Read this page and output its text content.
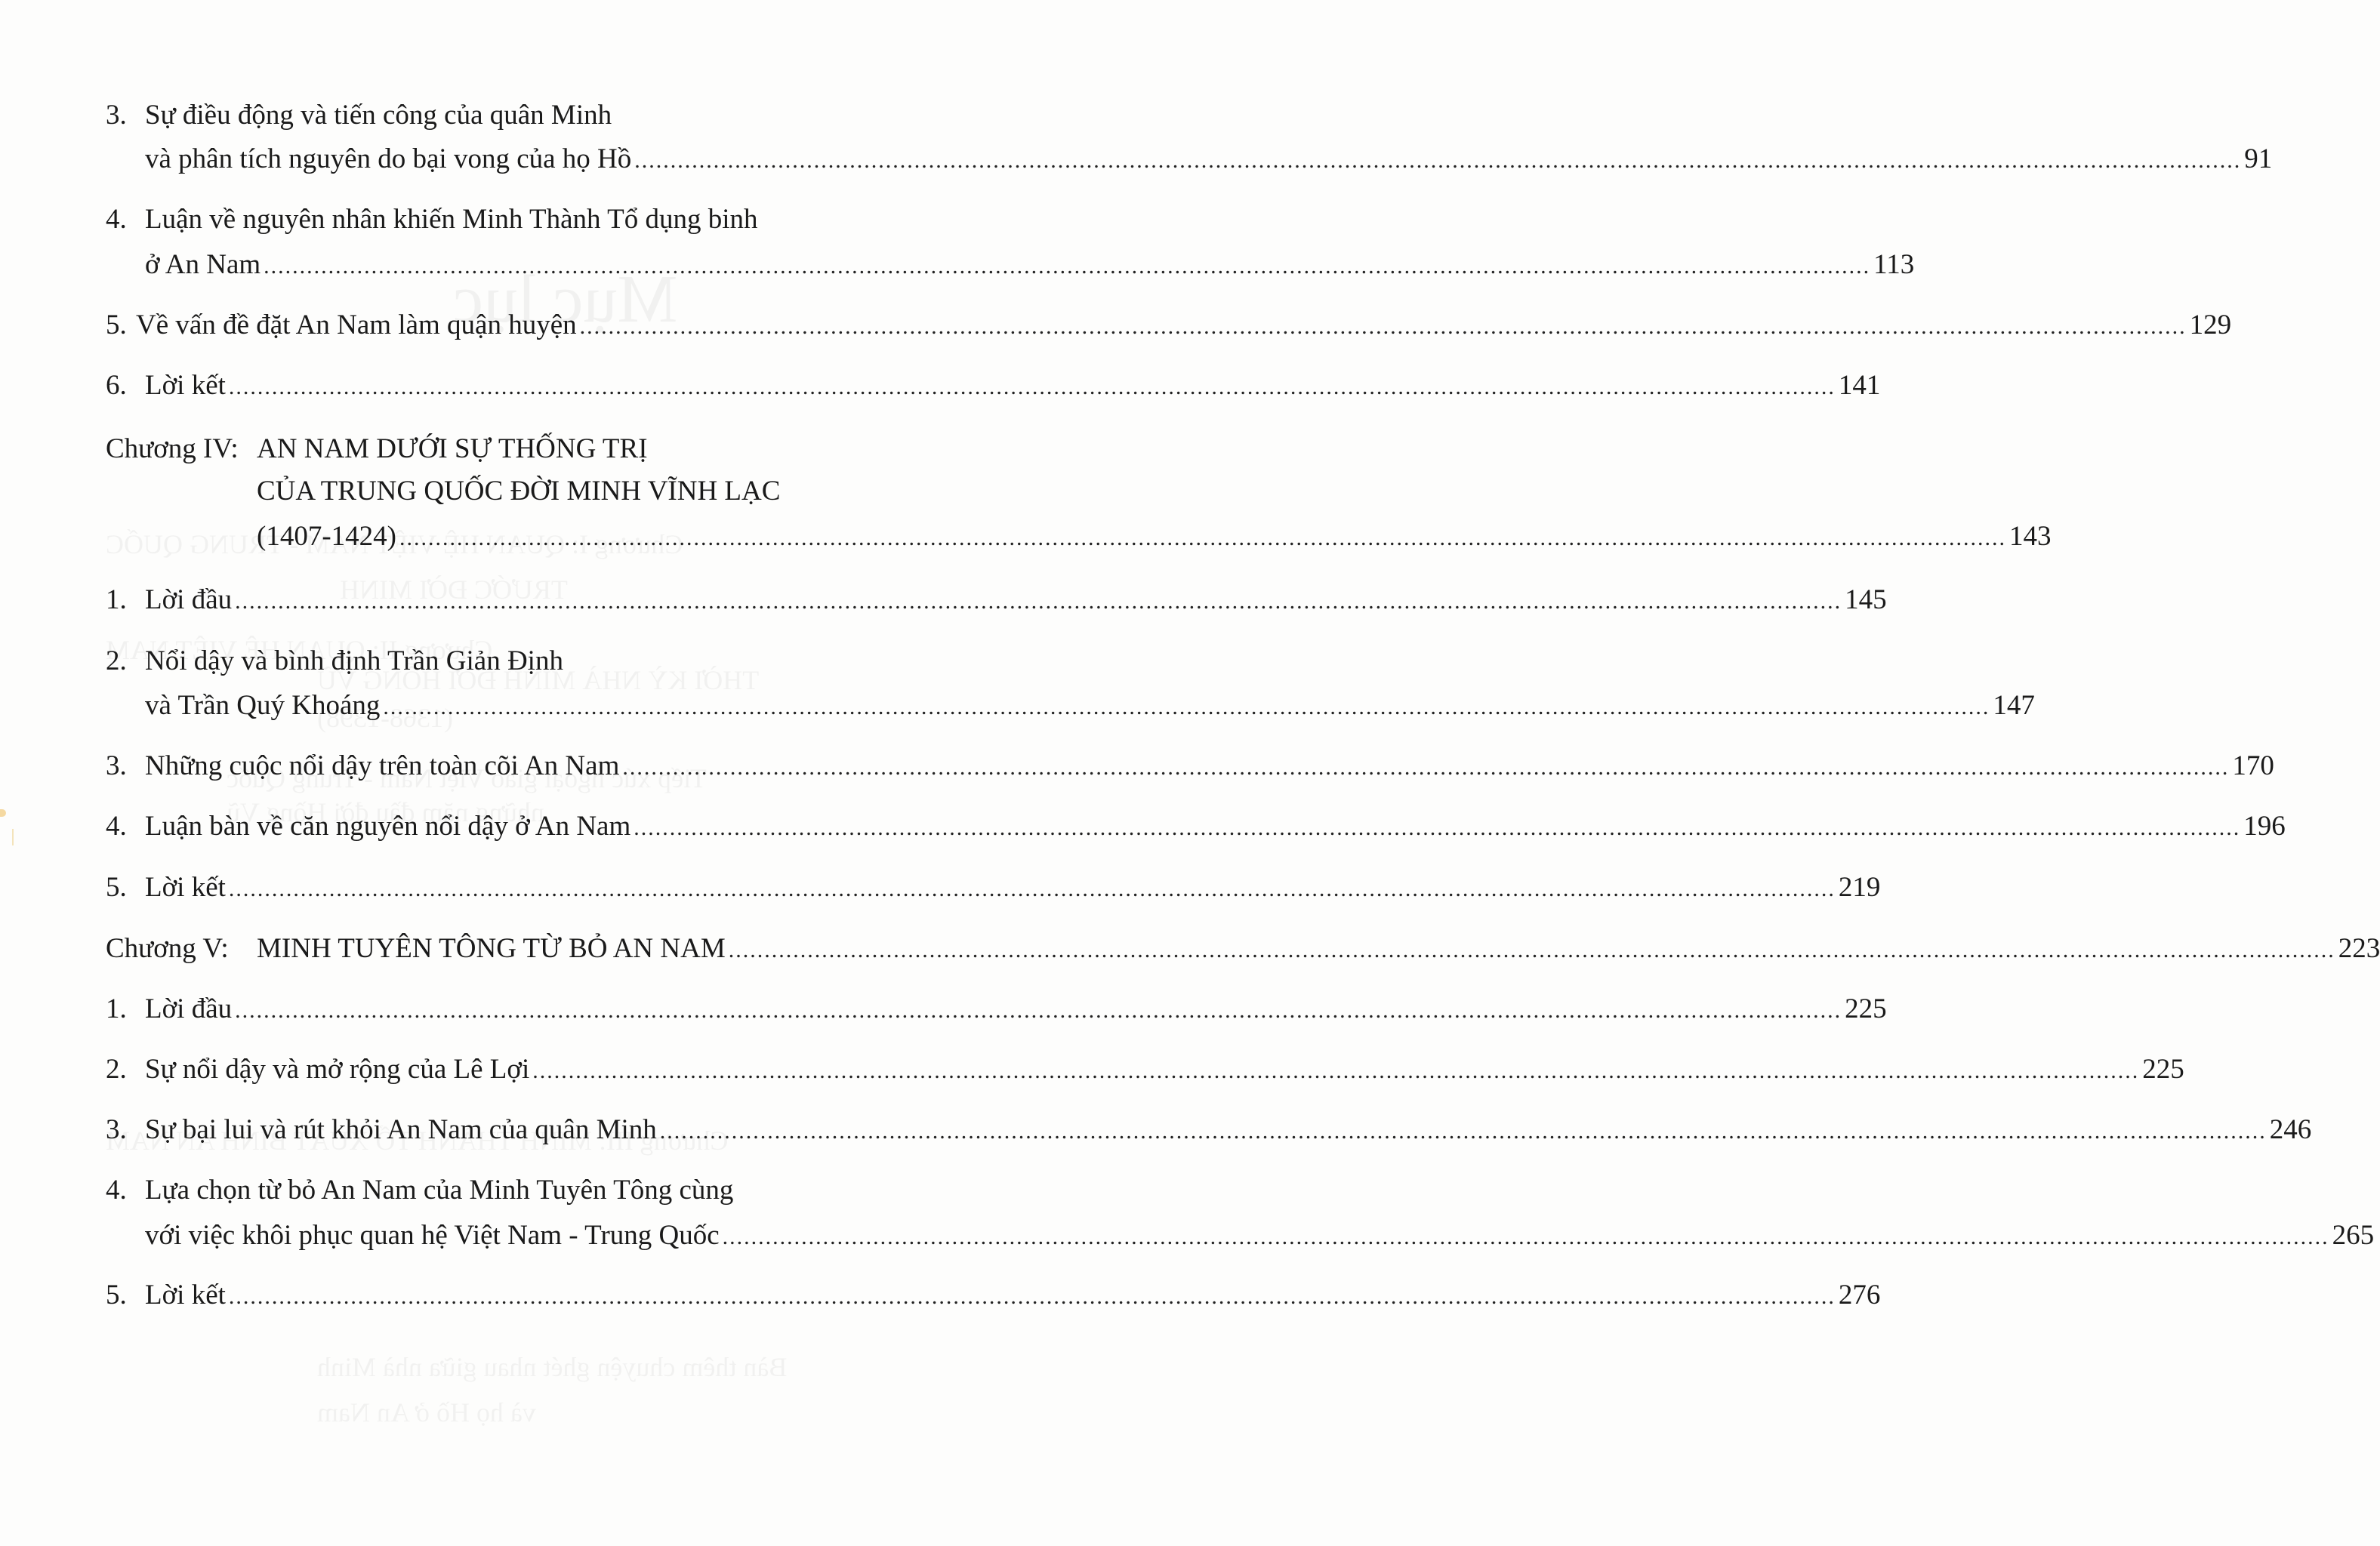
3. Sự điều động và tiến công của quân Minh
và phân tích nguyên do bại vong của họ Hồ .....	91
4. Luận về nguyên nhân khiến Minh Thành Tổ dụng binh
ở An Nam .....	113
5. Về vấn đề đặt An Nam làm quận huyện .....	129
6. Lời kết .....	141
Chương IV: AN NAM DƯỚI SỰ THỐNG TRỊ
CỦA TRUNG QUỐC ĐỜI MINH VĨNH LẠC
(1407-1424) .....	143
1. Lời đầu .....	145
2. Nổi dậy và bình định Trần Giản Định
và Trần Quý Khoáng .....	147
3. Những cuộc nổi dậy trên toàn cõi An Nam .....	170
4. Luận bàn về căn nguyên nổi dậy ở An Nam .....	196
5. Lời kết .....	219
Chương V:	MINH TUYÊN TÔNG TỪ BỎ AN NAM .....	223
1. Lời đầu .....	225
2. Sự nổi dậy và mở rộng của Lê Lợi .....	225
3. Sự bại lui và rút khỏi An Nam của quân Minh .....	246
4. Lựa chọn từ bỏ An Nam của Minh Tuyên Tông cùng
với việc khôi phục quan hệ Việt Nam - Trung Quốc .....	265
5. Lời kết .....	276
